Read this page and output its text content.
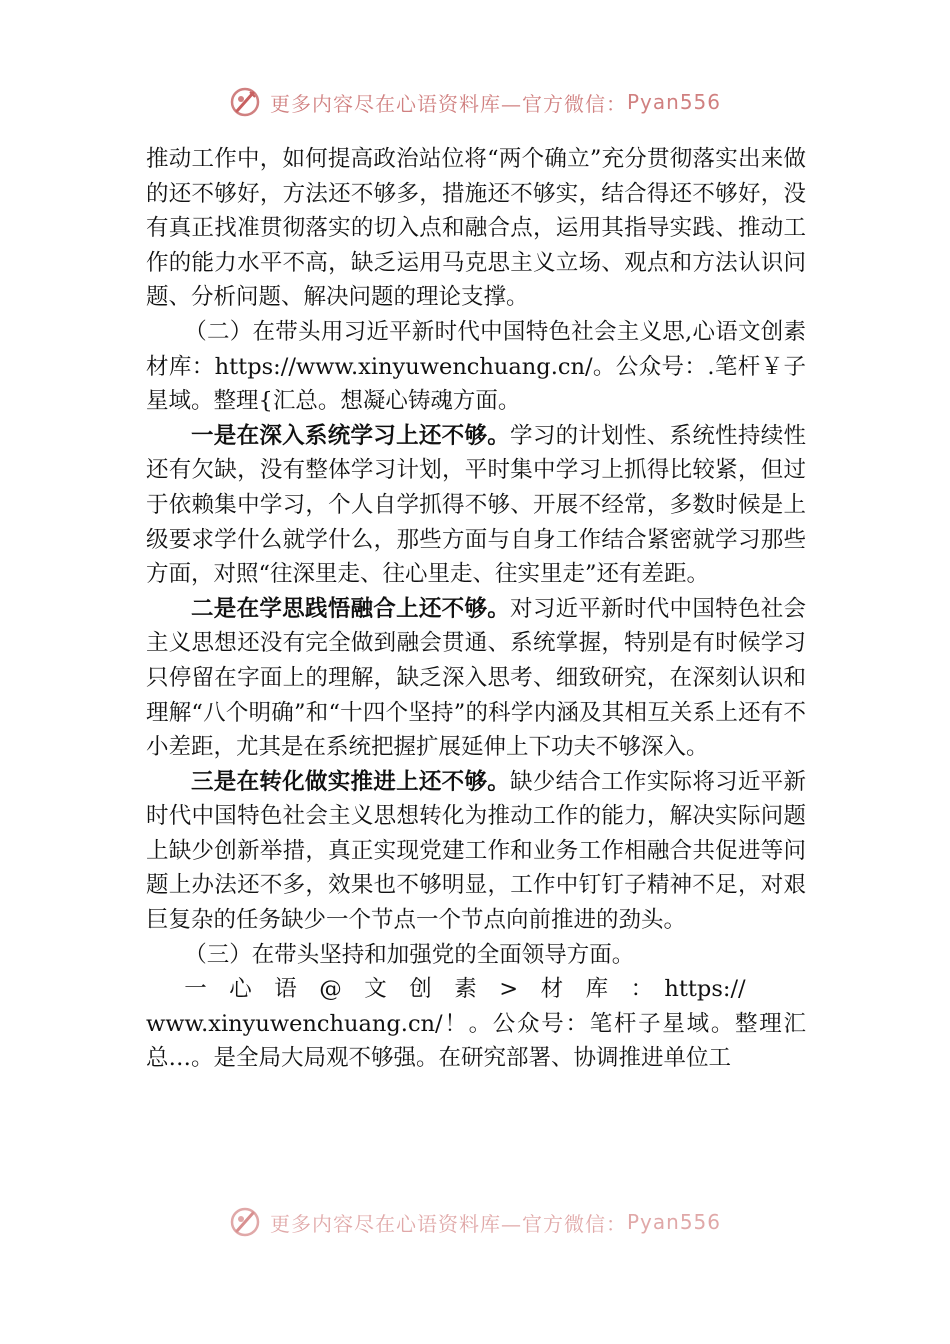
更多内容尽在心语资料库—官方微信： Pyan556

推动工作中，如何提高政治站位将“两个确立”充分贯彻落实出来做的还不够好，方法还不够多，措施还不够实，结合得还不够好，没有真正找准贯彻落实的切入点和融合点，运用其指导实践、推动工作的能力水平不高，缺乏运用马克思主义立场、观点和方法认识问题、分析问题、解决问题的理论支撑。

（二）在带头用习近平新时代中国特色社会主义思,心语文创素材库：https://www.xinyuwenchuang.cn/。公众号：.笔杆￥子星域。整理{汇总。想凝心铸魂方面。

一是在深入系统学习上还不够。学习的计划性、系统性持续性还有欠缺，没有整体学习计划，平时集中学习上抓得比较紧，但过于依赖集中学习，个人自学抓得不够、开展不经常，多数时候是上级要求学什么就学什么，那些方面与自身工作结合紧密就学习那些方面，对照“往深里走、往心里走、往实里走”还有差距。

二是在学思践悟融合上还不够。对习近平新时代中国特色社会主义思想还没有完全做到融会贯通、系统掌握，特别是有时候学习只停留在字面上的理解，缺乏深入思考、细致研究，在深刻认识和理解“八个明确”和“十四个坚持”的科学内涵及其相互关系上还有不小差距，尤其是在系统把握扩展延伸上下功夫不够深入。

三是在转化做实推进上还不够。缺少结合工作实际将习近平新时代中国特色社会主义思想转化为推动工作的能力，解决实际问题上缺少创新举措，真正实现党建工作和业务工作相融合共促进等问题上办法还不多，效果也不够明显，工作中钉钉子精神不足，对艰巨复杂的任务缺少一个节点一个节点向前推进的劲头。

（三）在带头坚持和加强党的全面领导方面。

一　心　语　@　文　创　素　>　材　库　：　https://

www.xinyuwenchuang.cn/！。公众号：笔杆子星域。整理汇总…。是全局大局观不够强。在研究部署、协调推进单位工

更多内容尽在心语资料库—官方微信： Pyan556
